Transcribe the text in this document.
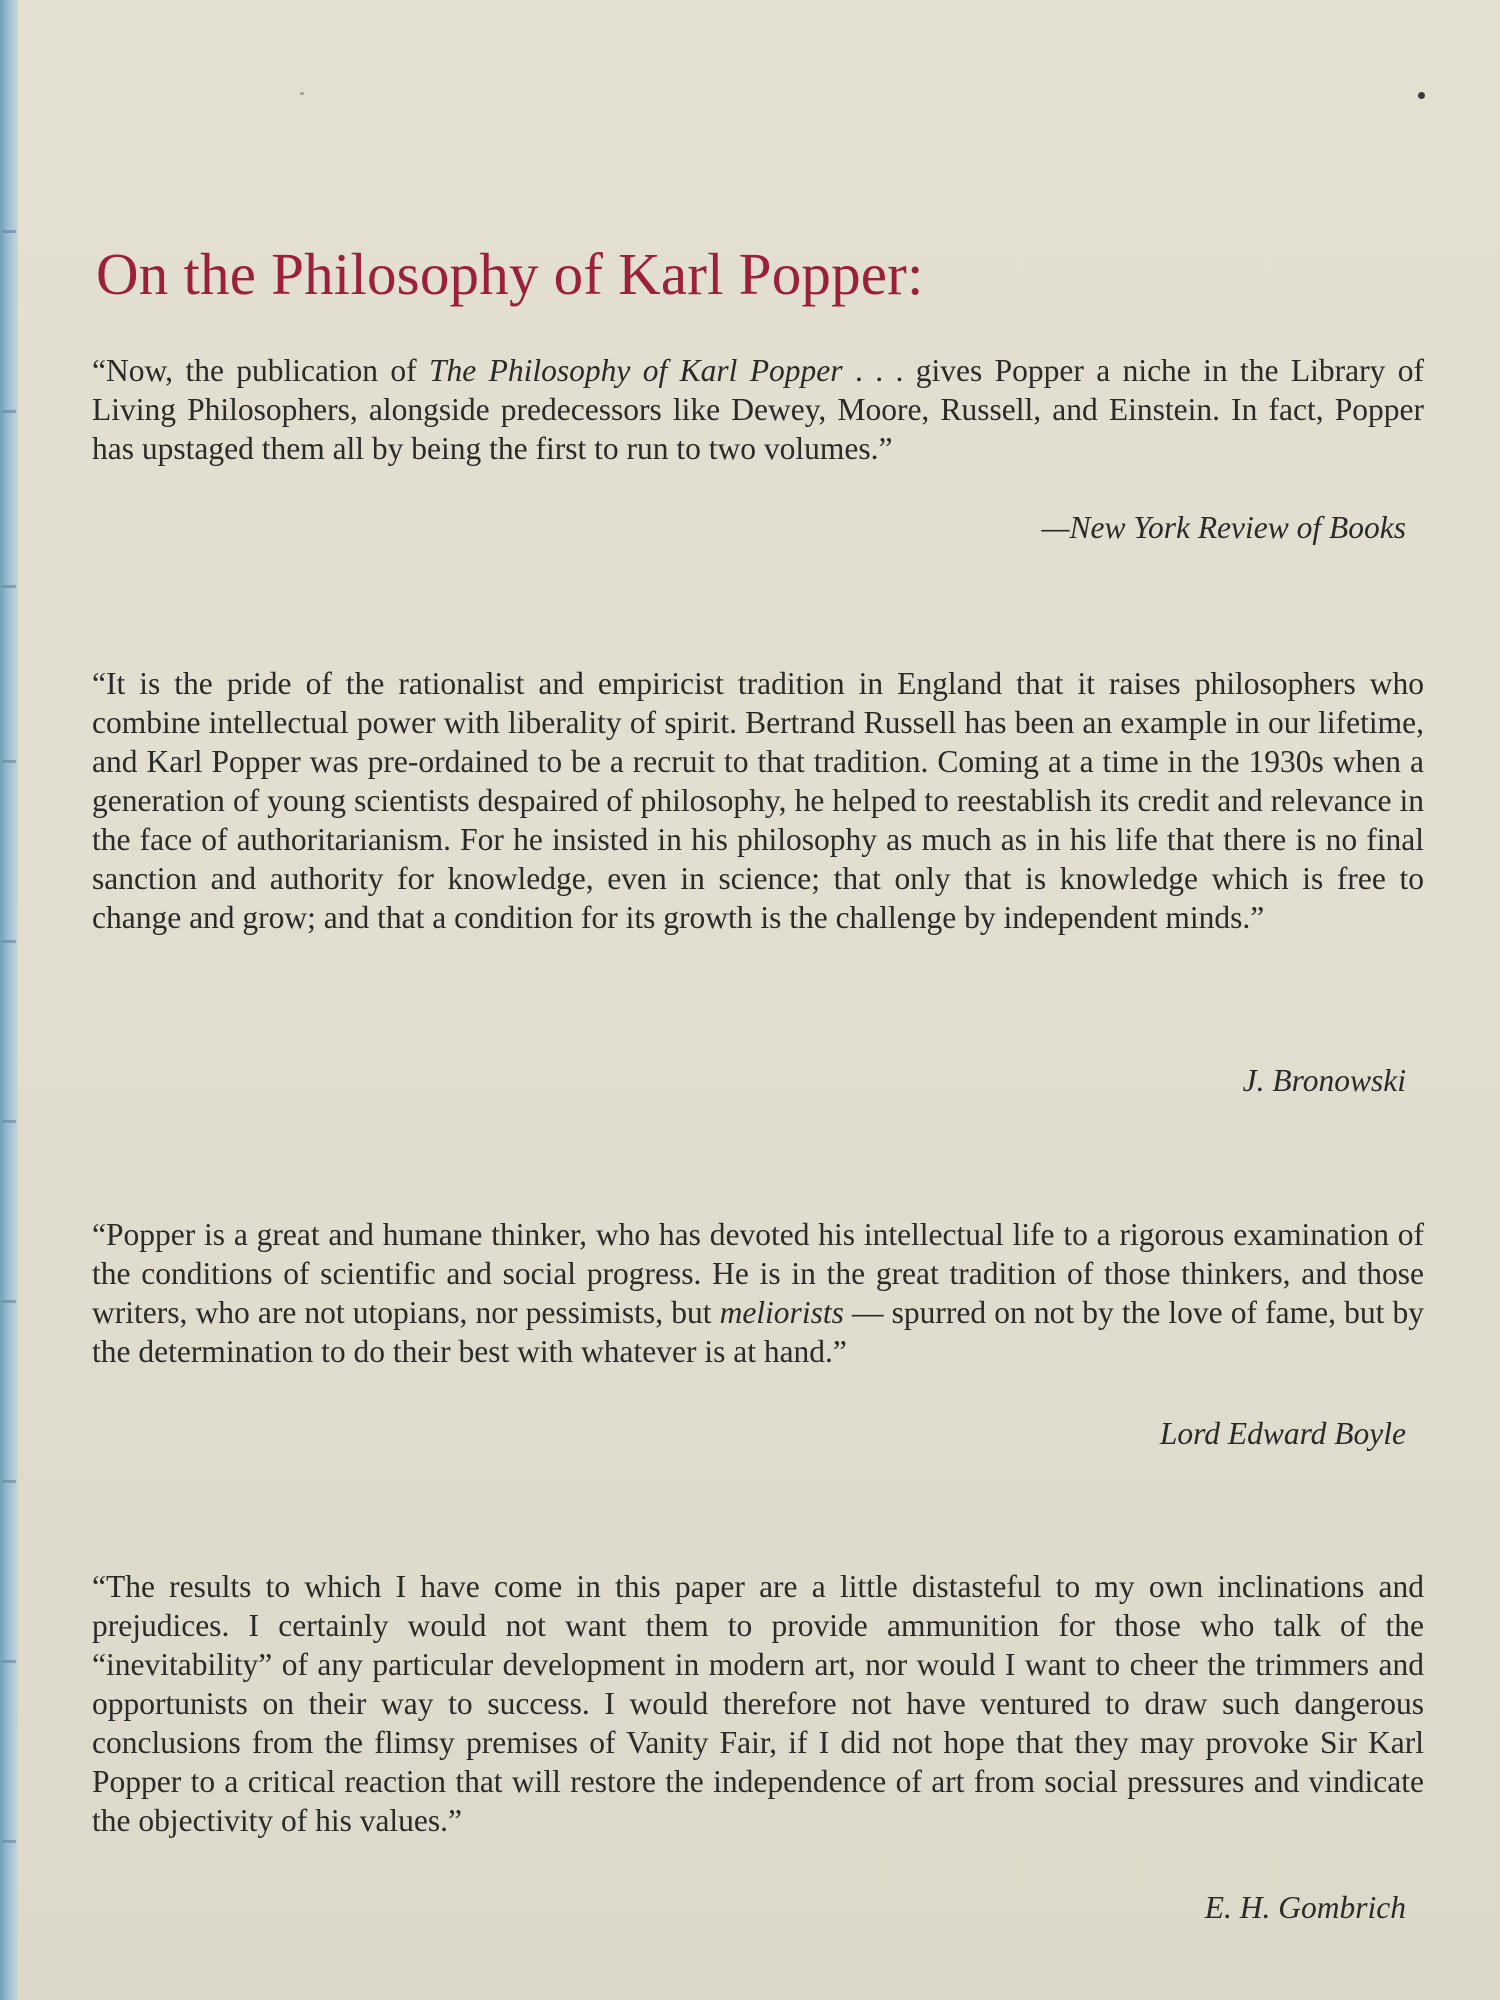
On the Philosophy of Karl Popper:

“Now, the publication of The Philosophy of Karl Popper . . . gives Popper a niche in the Library of Living Philosophers, alongside predecessors like Dewey, Moore, Russell, and Einstein. In fact, Popper has upstaged them all by being the first to run to two volumes.”

—New York Review of Books

“It is the pride of the rationalist and empiricist tradition in England that it raises philosophers who combine intellectual power with liberality of spirit. Bertrand Russell has been an example in our lifetime, and Karl Popper was pre-ordained to be a recruit to that tradition. Coming at a time in the 1930s when a generation of young scientists despaired of philosophy, he helped to reestablish its credit and relevance in the face of authoritarianism. For he insisted in his philosophy as much as in his life that there is no final sanction and authority for knowledge, even in science; that only that is knowledge which is free to change and grow; and that a condition for its growth is the challenge by independent minds.”

J. Bronowski

“Popper is a great and humane thinker, who has devoted his intellectual life to a rigorous examination of the conditions of scientific and social progress. He is in the great tradition of those thinkers, and those writers, who are not utopians, nor pessimists, but meliorists — spurred on not by the love of fame, but by the determination to do their best with whatever is at hand.”

Lord Edward Boyle

“The results to which I have come in this paper are a little distasteful to my own inclinations and prejudices. I certainly would not want them to provide ammunition for those who talk of the “inevitability” of any particular development in modern art, nor would I want to cheer the trimmers and opportunists on their way to success. I would therefore not have ventured to draw such dangerous conclusions from the flimsy premises of Vanity Fair, if I did not hope that they may provoke Sir Karl Popper to a critical reaction that will restore the independence of art from social pressures and vindicate the objectivity of his values.”

E. H. Gombrich
